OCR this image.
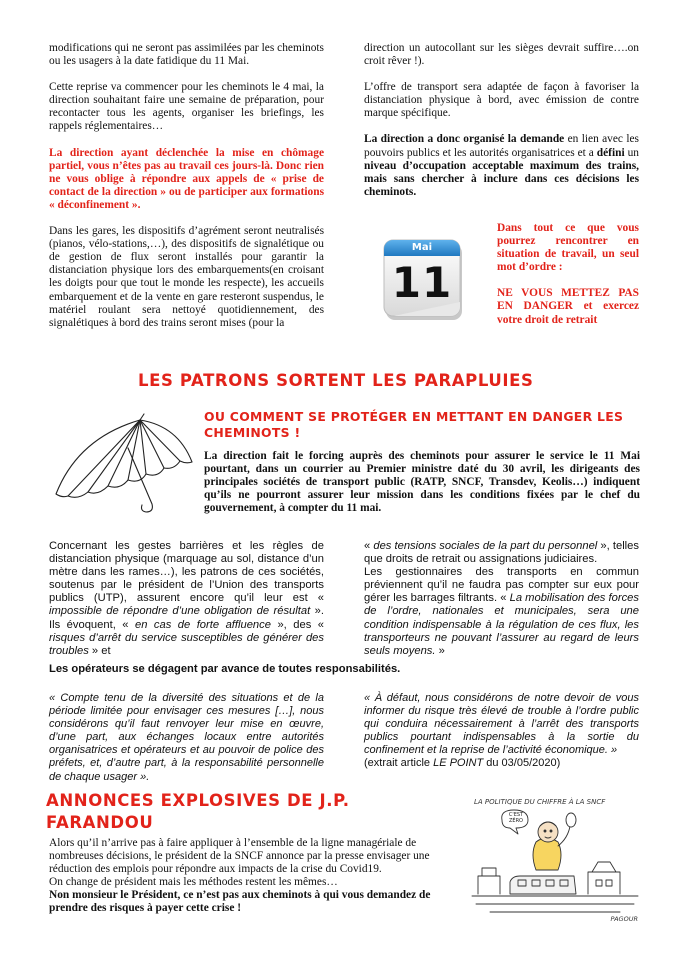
modifications qui ne seront pas assimilées par les cheminots ou les usagers à la date fatidique du 11 Mai.

Cette reprise va commencer pour les cheminots le 4 mai, la direction souhaitant faire une semaine de préparation, pour recontacter tous les agents, organiser les briefings, les rappels réglementaires…

La direction ayant déclenchée la mise en chômage partiel, vous n’êtes pas au travail ces jours-là. Donc rien ne vous oblige à répondre aux appels de « prise de contact de la direction » ou de participer aux formations « déconfinement ».

Dans les gares, les dispositifs d’agrément seront neutralisés (pianos, vélo-stations,…), des dispositifs de signalétique ou de gestion de flux seront installés pour garantir la distanciation physique lors des embarquements(en croisant les doigts pour que tout le monde les respecte), les accueils embarquement et de la vente en gare resteront suspendus, le matériel roulant sera nettoyé quotidiennement, des signalétiques à bord des trains seront mises (pour la

direction un autocollant sur les sièges devrait suffire….on croit rêver !).

L’offre de transport sera adaptée de façon à favoriser la distanciation physique à bord, avec émission de contre marque spécifique.

La direction a donc organisé la demande en lien avec les pouvoirs publics et les autorités organisatrices et a défini un niveau d’occupation acceptable maximum des trains, mais sans chercher à inclure dans ces décisions les cheminots.

Mai
11

Dans tout ce que vous pourrez rencontrer en situation de travail, un seul mot d’ordre :

NE VOUS METTEZ PAS EN DANGER et exercez votre droit de retrait

LES PATRONS SORTENT LES PARAPLUIES
OU COMMENT SE PROTÉGER EN METTANT EN DANGER LES CHEMINOTS !
La direction fait le forcing auprès des cheminots pour assurer le service le 11 Mai pourtant, dans un courrier au Premier ministre daté du 30 avril, les dirigeants des principales sociétés de transport public (RATP, SNCF, Transdev, Keolis…) indiquent qu’ils ne pourront assurer leur mission dans les conditions fixées par le chef du gouvernement, à compter du 11 mai.

Concernant les gestes barrières et les règles de distanciation physique (marquage au sol, distance d’un mètre dans les rames…), les patrons de ces sociétés, soutenus par le président de l’Union des transports publics (UTP), assurent encore qu’il leur est « impossible de répondre d’une obligation de résultat ». Ils évoquent, « en cas de forte affluence », des « risques d’arrêt du service susceptibles de générer des troubles » et

« des tensions sociales de la part du personnel », telles que droits de retrait ou assignations judiciaires.

Les gestionnaires des transports en commun préviennent qu’il ne faudra pas compter sur eux pour gérer les barrages filtrants. « La mobilisation des forces de l’ordre, nationales et municipales, sera une condition indispensable à la régulation de ces flux, les transporteurs ne pouvant l’assurer au regard de leurs seuls moyens. »

Les opérateurs se dégagent par avance de toutes responsabilités.
« Compte tenu de la diversité des situations et de la période limitée pour envisager ces mesures […], nous considérons qu’il faut renvoyer leur mise en œuvre, d’une part, aux échanges locaux entre autorités organisatrices et opérateurs et au pouvoir de police des préfets, et, d’autre part, à la responsabilité personnelle de chaque usager ».

« À défaut, nous considérons de notre devoir de vous informer du risque très élevé de trouble à l’ordre public qui conduira nécessairement à l’arrêt des transports publics pourtant indispensables à la sortie du confinement et la reprise de l’activité économique. »

(extrait article LE POINT du 03/05/2020)

ANNONCES EXPLOSIVES DE J.P.
FARANDOU

Alors qu’il n’arrive pas à faire appliquer à l’ensemble de la ligne managériale de nombreuses décisions, le président de la SNCF annonce par la presse envisager une réduction des emplois pour répondre aux impacts de la crise du Covid19.

On change de président mais les méthodes restent les mêmes…

Non monsieur le Président, ce n’est pas aux cheminots à qui vous demandez de prendre des risques à payer cette crise !

LA POLITIQUE DU CHIFFRE À LA SNCF
C'EST ZÉRO
PAGOUR
